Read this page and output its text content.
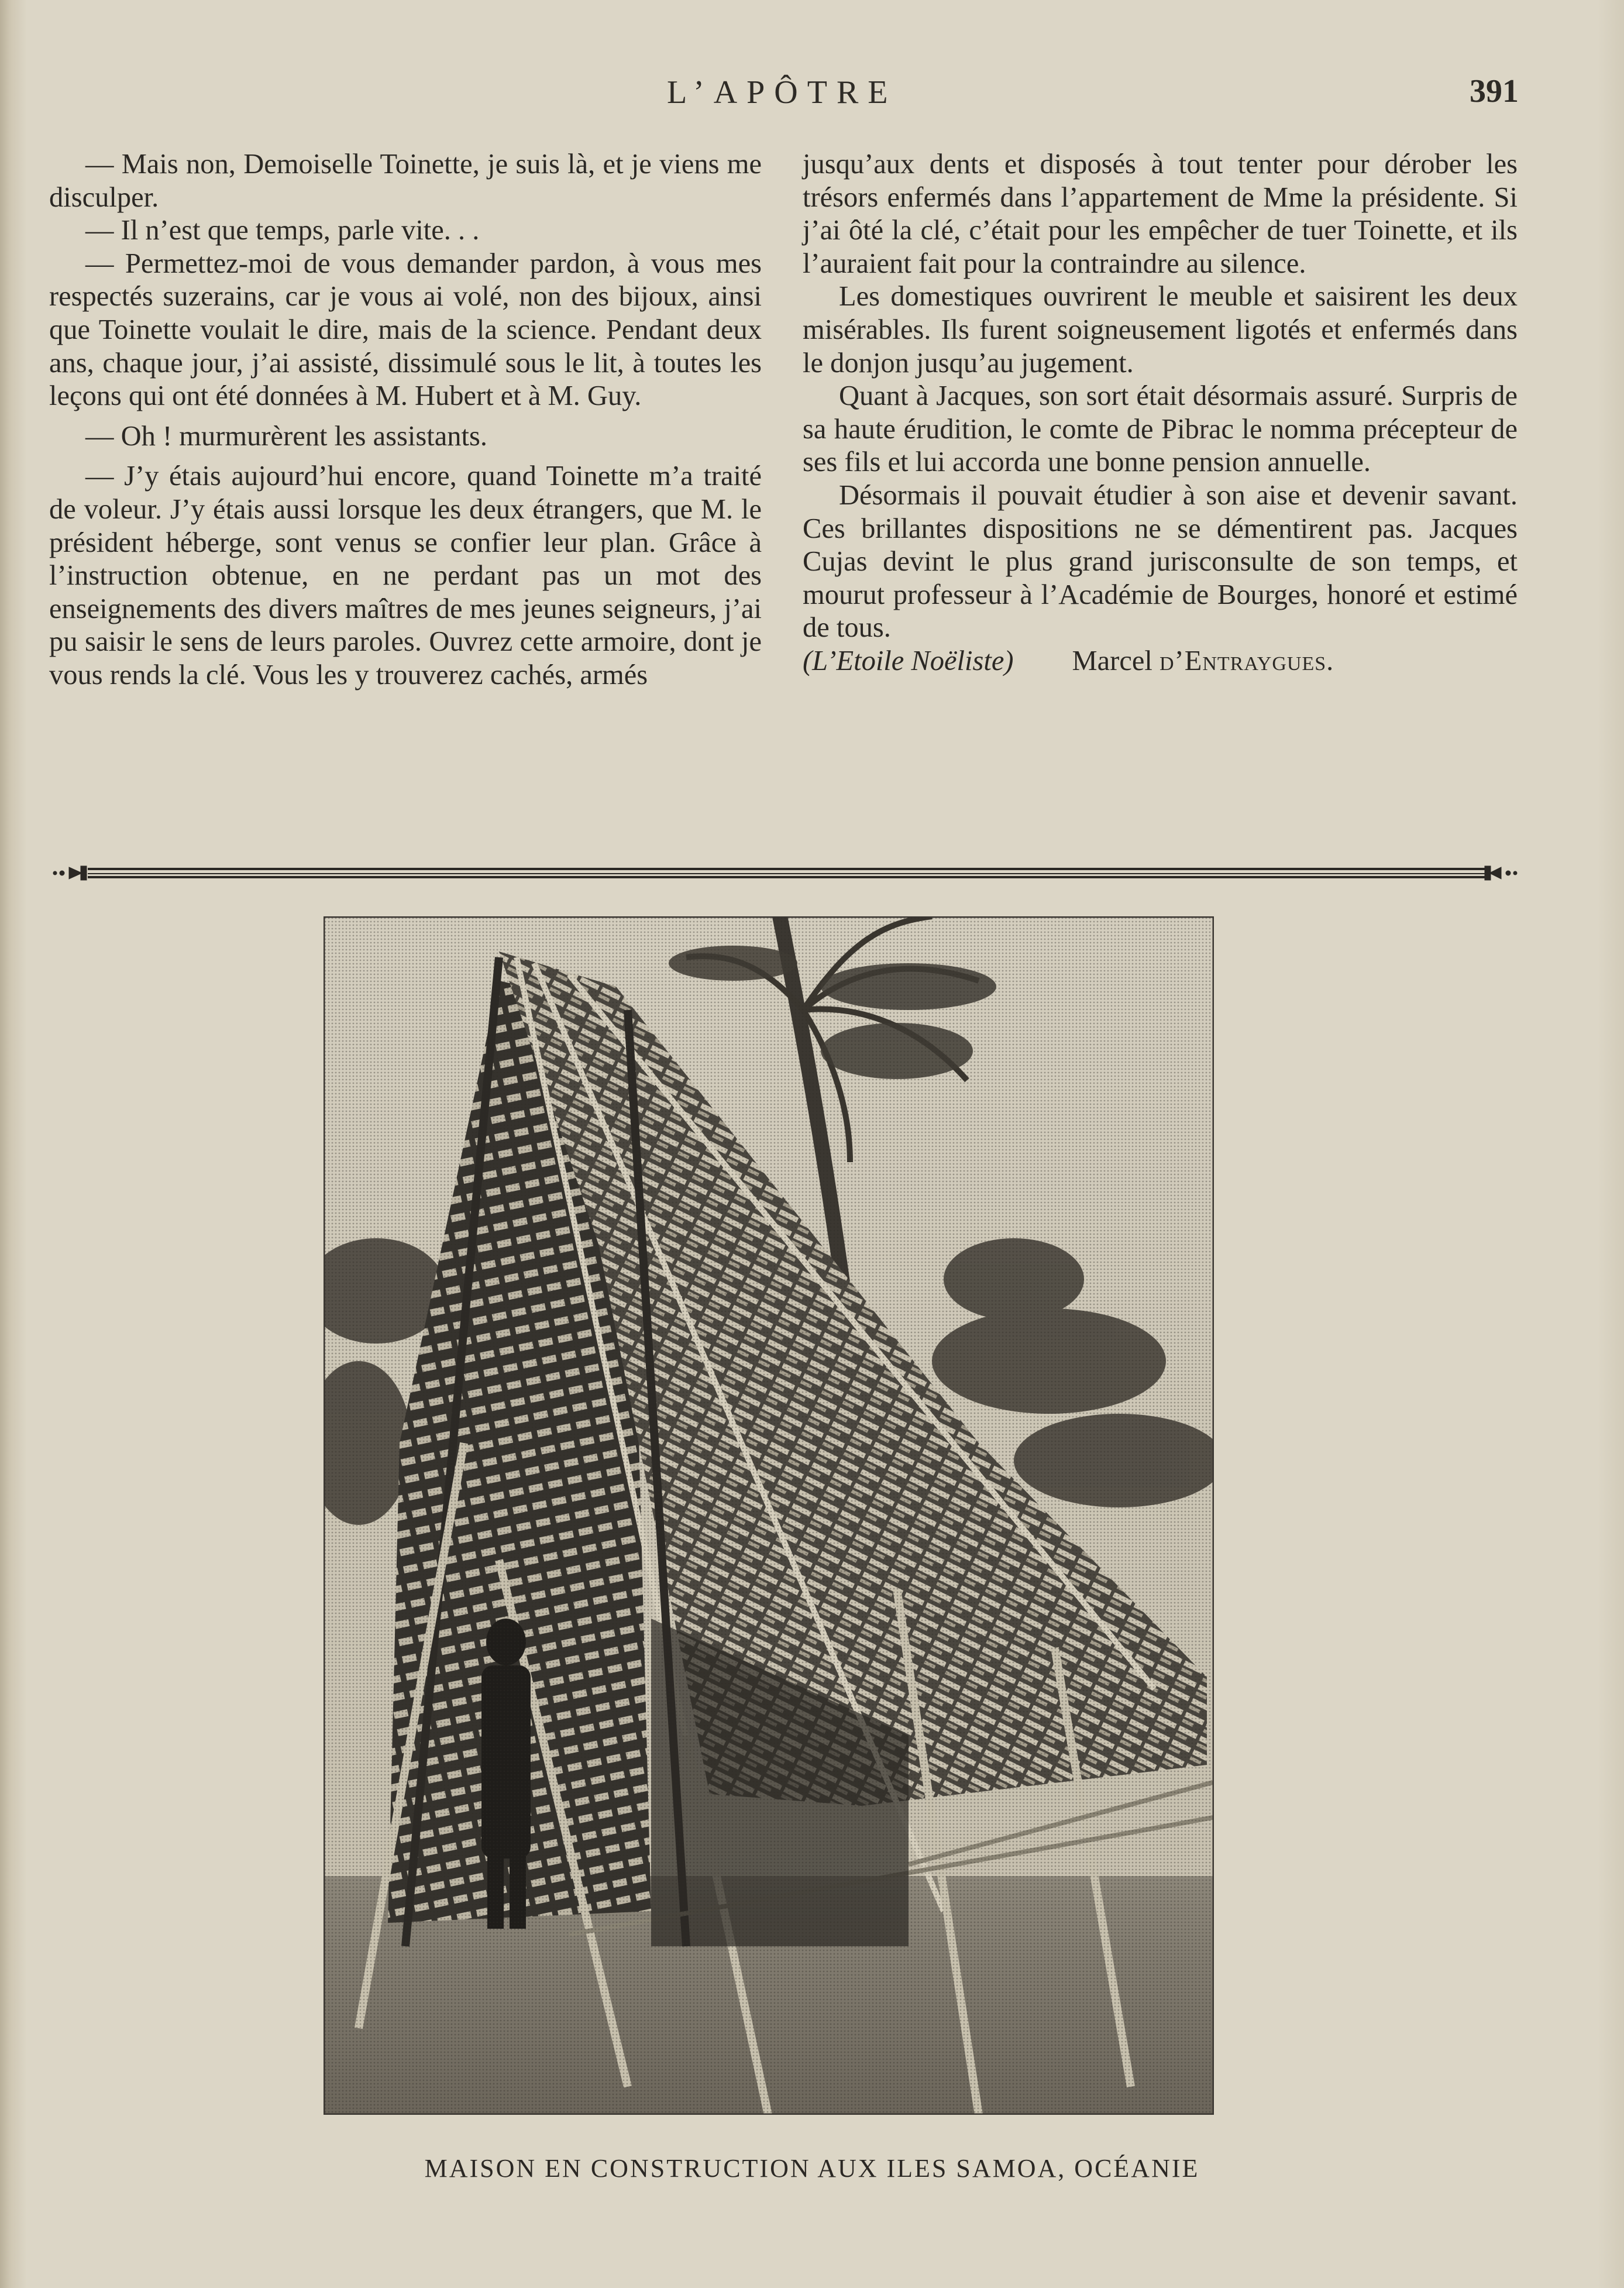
L’APÔTRE	391

— Mais non, Demoiselle Toinette, je suis là, et je viens me disculper.

— Il n’est que temps, parle vite. . .

— Permettez-moi de vous demander pardon, à vous mes respectés suzerains, car je vous ai volé, non des bijoux, ainsi que Toinette voulait le dire, mais de la science. Pendant deux ans, chaque jour, j’ai assisté, dissimulé sous le lit, à toutes les leçons qui ont été données à M. Hubert et à M. Guy.

— Oh ! murmurèrent les assistants.

— J’y étais aujourd’hui encore, quand Toinette m’a traité de voleur. J’y étais aussi lorsque les deux étrangers, que M. le président héberge, sont venus se confier leur plan. Grâce à l’instruction obtenue, en ne perdant pas un mot des enseignements des divers maîtres de mes jeunes seigneurs, j’ai pu saisir le sens de leurs paroles. Ouvrez cette armoire, dont je vous rends la clé. Vous les y trouverez cachés, armés

jusqu’aux dents et disposés à tout tenter pour dérober les trésors enfermés dans l’appartement de Mme la présidente. Si j’ai ôté la clé, c’était pour les empêcher de tuer Toinette, et ils l’auraient fait pour la contraindre au silence.

Les domestiques ouvrirent le meuble et saisirent les deux misérables. Ils furent soigneusement ligotés et enfermés dans le donjon jusqu’au jugement.

Quant à Jacques, son sort était désormais assuré. Surpris de sa haute érudition, le comte de Pibrac le nomma précepteur de ses fils et lui accorda une bonne pension annuelle.

Désormais il pouvait étudier à son aise et devenir savant. Ces brillantes dispositions ne se démentirent pas. Jacques Cujas devint le plus grand jurisconsulte de son temps, et mourut professeur à l’Académie de Bourges, honoré et estimé de tous.

(L’Etoile Noëliste) Marcel d’Entraygues.

MAISON EN CONSTRUCTION AUX ILES SAMOA, OCÉANIE
